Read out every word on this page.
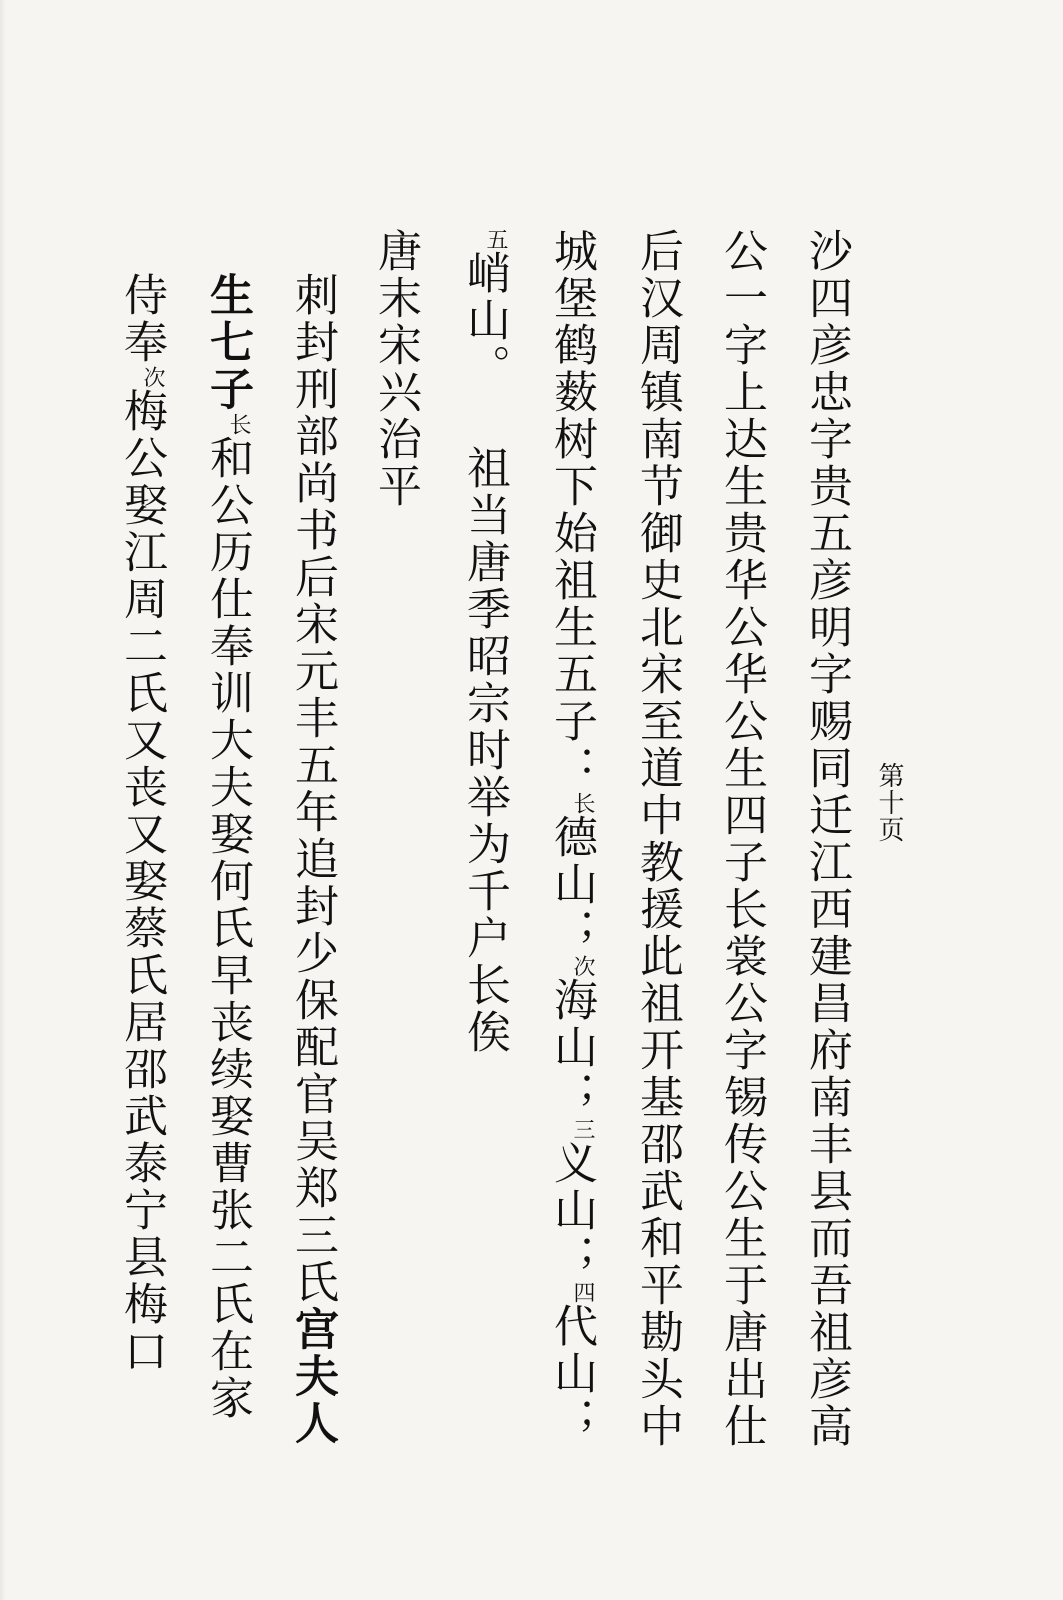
第十页
沙四彦忠字贵五彦明字赐同迁江西建昌府南丰县而吾祖彦高
公一字上达生贵华公华公生四子长裳公字锡传公生于唐出仕
后汉周镇南节御史北宋至道中教援此祖开基邵武和平勘头中
城堡鹤薮树下始祖生五子：$^长$德山；$^次$海山；$^三$义山；$^四$代山；
$^五$峭山。 祖当唐季昭宗时举为千户长俟
唐末宋兴治平
刺封刑部尚书后宋元丰五年追封少保配官吴郑三氏宫夫人
生七子$^长$和公历仕奉训大夫娶何氏早丧续娶曹张二氏在家
侍奉$^次$梅公娶江周二氏又丧又娶蔡氏居邵武泰宁县梅口
